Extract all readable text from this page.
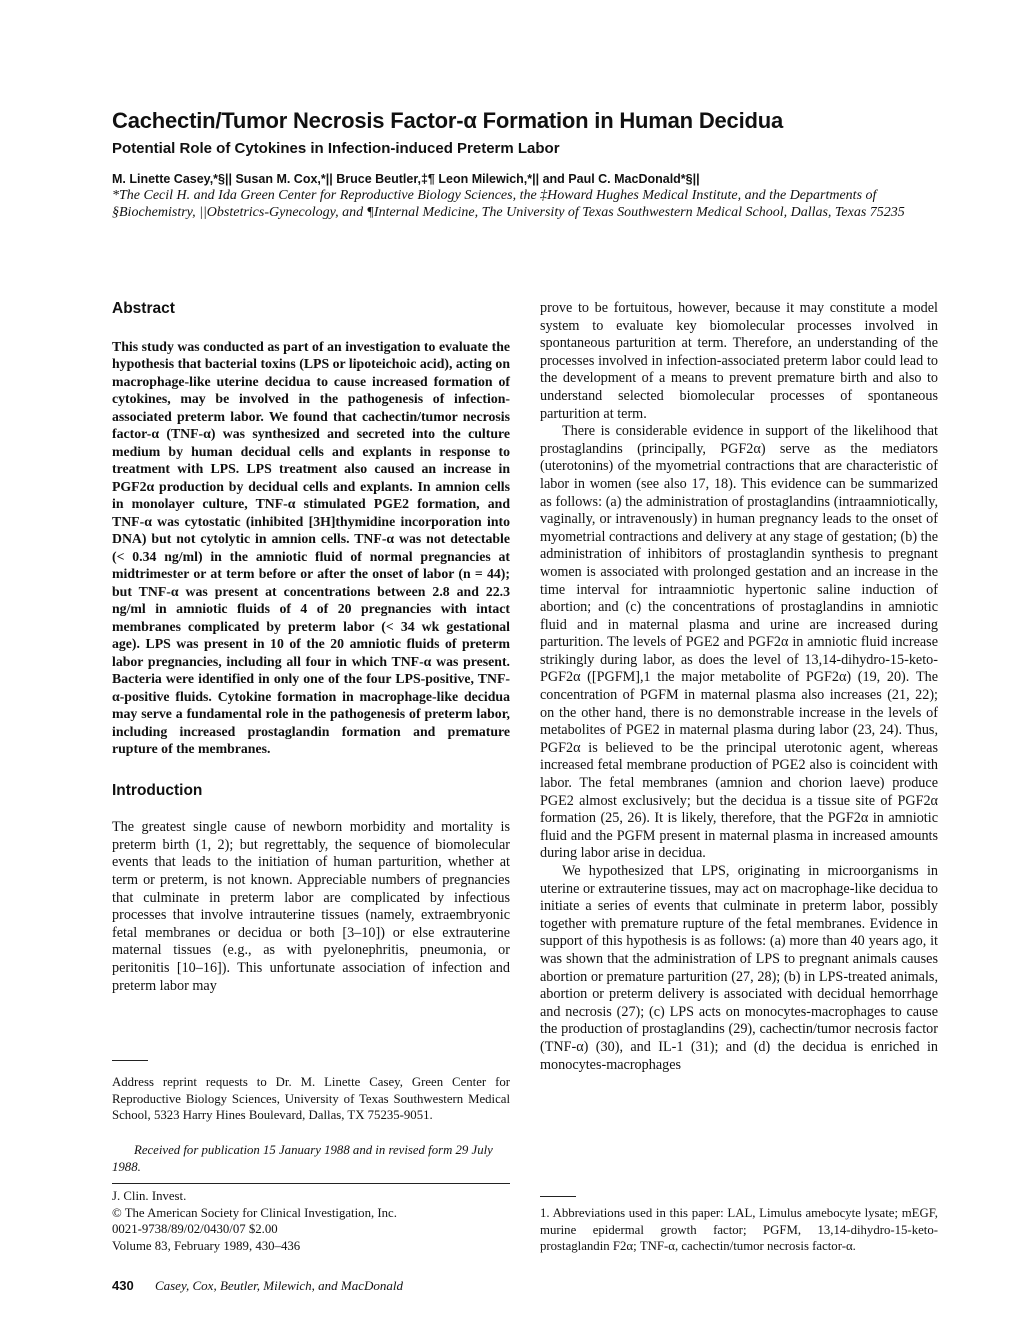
Cachectin/Tumor Necrosis Factor-α Formation in Human Decidua
Potential Role of Cytokines in Infection-induced Preterm Labor
M. Linette Casey,*§|| Susan M. Cox,*|| Bruce Beutler,‡¶ Leon Milewich,*|| and Paul C. MacDonald*§||
*The Cecil H. and Ida Green Center for Reproductive Biology Sciences, the ‡Howard Hughes Medical Institute, and the Departments of §Biochemistry, ||Obstetrics-Gynecology, and ¶Internal Medicine, The University of Texas Southwestern Medical School, Dallas, Texas 75235
Abstract

This study was conducted as part of an investigation to evaluate the hypothesis that bacterial toxins (LPS or lipoteichoic acid), acting on macrophage-like uterine decidua to cause increased formation of cytokines, may be involved in the pathogenesis of infection-associated preterm labor. We found that cachectin/tumor necrosis factor-α (TNF-α) was synthesized and secreted into the culture medium by human decidual cells and explants in response to treatment with LPS. LPS treatment also caused an increase in PGF2α production by decidual cells and explants. In amnion cells in monolayer culture, TNF-α stimulated PGE2 formation, and TNF-α was cytostatic (inhibited [3H]thymidine incorporation into DNA) but not cytolytic in amnion cells. TNF-α was not detectable (< 0.34 ng/ml) in the amniotic fluid of normal pregnancies at midtrimester or at term before or after the onset of labor (n = 44); but TNF-α was present at concentrations between 2.8 and 22.3 ng/ml in amniotic fluids of 4 of 20 pregnancies with intact membranes complicated by preterm labor (< 34 wk gestational age). LPS was present in 10 of the 20 amniotic fluids of preterm labor pregnancies, including all four in which TNF-α was present. Bacteria were identified in only one of the four LPS-positive, TNF-α-positive fluids. Cytokine formation in macrophage-like decidua may serve a fundamental role in the pathogenesis of preterm labor, including increased prostaglandin formation and premature rupture of the membranes.

Introduction

The greatest single cause of newborn morbidity and mortality is preterm birth (1, 2); but regrettably, the sequence of biomolecular events that leads to the initiation of human parturition, whether at term or preterm, is not known. Appreciable numbers of pregnancies that culminate in preterm labor are complicated by infectious processes that involve intrauterine tissues (namely, extraembryonic fetal membranes or decidua or both [3–10]) or else extrauterine maternal tissues (e.g., as with pyelonephritis, pneumonia, or peritonitis [10–16]). This unfortunate association of infection and preterm labor may

prove to be fortuitous, however, because it may constitute a model system to evaluate key biomolecular processes involved in spontaneous parturition at term. Therefore, an understanding of the processes involved in infection-associated preterm labor could lead to the development of a means to prevent premature birth and also to understand selected biomolecular processes of spontaneous parturition at term.

There is considerable evidence in support of the likelihood that prostaglandins (principally, PGF2α) serve as the mediators (uterotonins) of the myometrial contractions that are characteristic of labor in women (see also 17, 18). This evidence can be summarized as follows: (a) the administration of prostaglandins (intraamniotically, vaginally, or intravenously) in human pregnancy leads to the onset of myometrial contractions and delivery at any stage of gestation; (b) the administration of inhibitors of prostaglandin synthesis to pregnant women is associated with prolonged gestation and an increase in the time interval for intraamniotic hypertonic saline induction of abortion; and (c) the concentrations of prostaglandins in amniotic fluid and in maternal plasma and urine are increased during parturition. The levels of PGE2 and PGF2α in amniotic fluid increase strikingly during labor, as does the level of 13,14-dihydro-15-keto-PGF2α ([PGFM],1 the major metabolite of PGF2α) (19, 20). The concentration of PGFM in maternal plasma also increases (21, 22); on the other hand, there is no demonstrable increase in the levels of metabolites of PGE2 in maternal plasma during labor (23, 24). Thus, PGF2α is believed to be the principal uterotonic agent, whereas increased fetal membrane production of PGE2 also is coincident with labor. The fetal membranes (amnion and chorion laeve) produce PGE2 almost exclusively; but the decidua is a tissue site of PGF2α formation (25, 26). It is likely, therefore, that the PGF2α in amniotic fluid and the PGFM present in maternal plasma in increased amounts during labor arise in decidua.

We hypothesized that LPS, originating in microorganisms in uterine or extrauterine tissues, may act on macrophage-like decidua to initiate a series of events that culminate in preterm labor, possibly together with premature rupture of the fetal membranes. Evidence in support of this hypothesis is as follows: (a) more than 40 years ago, it was shown that the administration of LPS to pregnant animals causes abortion or premature parturition (27, 28); (b) in LPS-treated animals, abortion or preterm delivery is associated with decidual hemorrhage and necrosis (27); (c) LPS acts on monocytes-macrophages to cause the production of prostaglandins (29), cachectin/tumor necrosis factor (TNF-α) (30), and IL-1 (31); and (d) the decidua is enriched in monocytes-macrophages

Address reprint requests to Dr. M. Linette Casey, Green Center for Reproductive Biology Sciences, University of Texas Southwestern Medical School, 5323 Harry Hines Boulevard, Dallas, TX 75235-9051.
Received for publication 15 January 1988 and in revised form 29 July 1988.
J. Clin. Invest.
© The American Society for Clinical Investigation, Inc.
0021-9738/89/02/0430/07 $2.00
Volume 83, February 1989, 430–436
1. Abbreviations used in this paper: LAL, Limulus amebocyte lysate; mEGF, murine epidermal growth factor; PGFM, 13,14-dihydro-15-keto-prostaglandin F2α; TNF-α, cachectin/tumor necrosis factor-α.
430 Casey, Cox, Beutler, Milewich, and MacDonald
